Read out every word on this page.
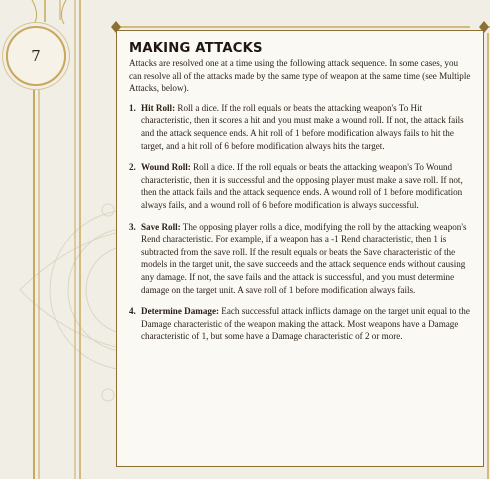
7	MAKING ATTACKS

Attacks are resolved one at a time using the following attack sequence. In some cases, you can resolve all of the attacks made by the same type of weapon at the same time (see Multiple Attacks, below).

1. Hit Roll: Roll a dice. If the roll equals or beats the attacking weapon's To Hit characteristic, then it scores a hit and you must make a wound roll. If not, the attack fails and the attack sequence ends. A hit roll of 1 before modification always fails to hit the target, and a hit roll of 6 before modification always hits the target.
2. Wound Roll: Roll a dice. If the roll equals or beats the attacking weapon's To Wound characteristic, then it is successful and the opposing player must make a save roll. If not, then the attack fails and the attack sequence ends. A wound roll of 1 before modification always fails, and a wound roll of 6 before modification is always successful.
3. Save Roll: The opposing player rolls a dice, modifying the roll by the attacking weapon's Rend characteristic. For example, if a weapon has a -1 Rend characteristic, then 1 is subtracted from the save roll. If the result equals or beats the Save characteristic of the models in the target unit, the save succeeds and the attack sequence ends without causing any damage. If not, the save fails and the attack is successful, and you must determine damage on the target unit. A save roll of 1 before modification always fails.
4. Determine Damage: Each successful attack inflicts damage on the target unit equal to the Damage characteristic of the weapon making the attack. Most weapons have a Damage characteristic of 1, but some have a Damage characteristic of 2 or more.
